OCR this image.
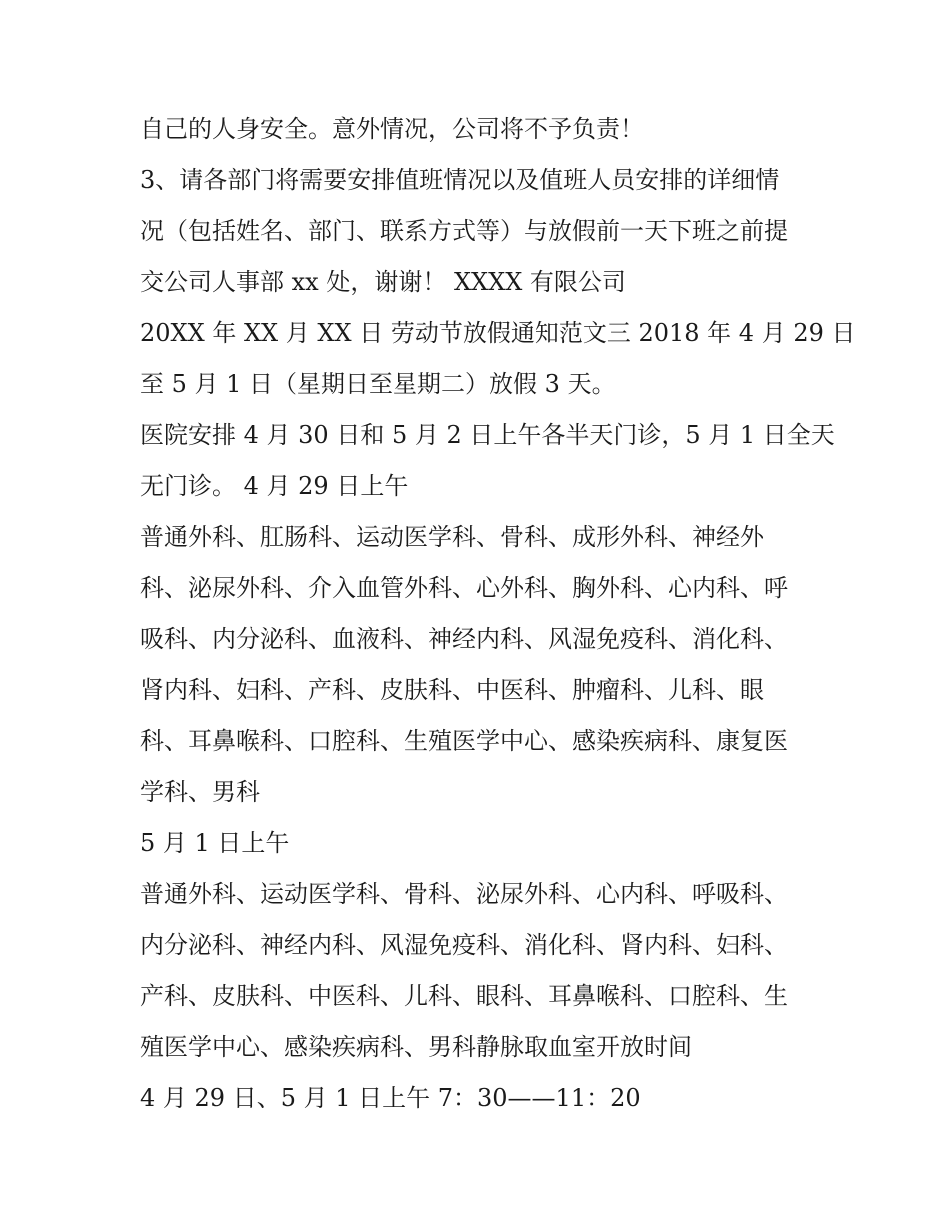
自己的人身安全。意外情况，公司将不予负责！
3、请各部门将需要安排值班情况以及值班人员安排的详细情
况（包括姓名、部门、联系方式等）与放假前一天下班之前提
交公司人事部 xx 处，谢谢！ XXXX 有限公司
20XX 年 XX 月 XX 日 劳动节放假通知范文三 2018 年 4 月 29 日
至 5 月 1 日（星期日至星期二）放假 3 天。
医院安排 4 月 30 日和 5 月 2 日上午各半天门诊，5 月 1 日全天
无门诊。 4 月 29 日上午
普通外科、肛肠科、运动医学科、骨科、成形外科、神经外
科、泌尿外科、介入血管外科、心外科、胸外科、心内科、呼
吸科、内分泌科、血液科、神经内科、风湿免疫科、消化科、
肾内科、妇科、产科、皮肤科、中医科、肿瘤科、儿科、眼
科、耳鼻喉科、口腔科、生殖医学中心、感染疾病科、康复医
学科、男科
5 月 1 日上午
普通外科、运动医学科、骨科、泌尿外科、心内科、呼吸科、
内分泌科、神经内科、风湿免疫科、消化科、肾内科、妇科、
产科、皮肤科、中医科、儿科、眼科、耳鼻喉科、口腔科、生
殖医学中心、感染疾病科、男科静脉取血室开放时间
4 月 29 日、5 月 1 日上午 7：30——11：20
